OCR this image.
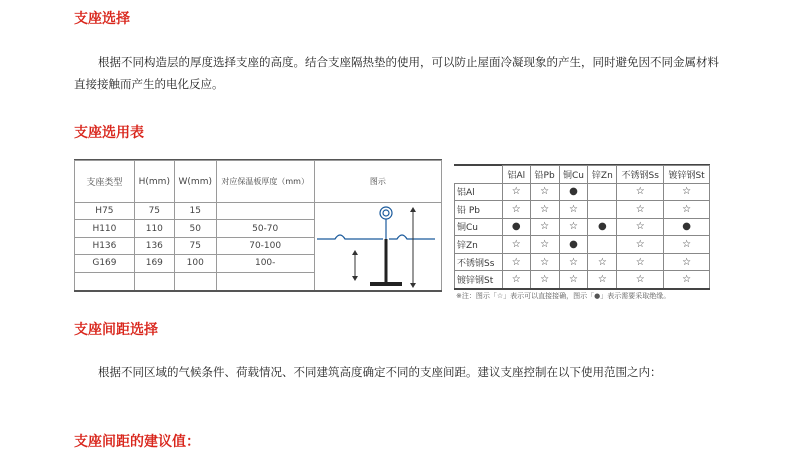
支座选择

根据不同构造层的厚度选择支座的高度。结合支座隔热垫的使用，可以防止屋面冷凝现象的产生，同时避免因不同金属材料直接接触而产生的电化反应。

支座选用表
支座类型	H(mm)	W(mm)	对应保温板厚度（mm）	图示
H75	75	15		

H110	110	50	50-70	
H136	136	75	70-100	
G169	169	100	100-	

	铝Al	铅Pb	铜Cu	锌Zn	不锈钢Ss	镀锌钢St
铝Al	☆	☆	●		☆	☆
铅 Pb	☆	☆	☆		☆	☆
铜Cu	●	☆	☆	●	☆	●
锌Zn	☆	☆	●		☆	☆
不锈钢Ss	☆	☆	☆	☆	☆	☆
镀锌钢St	☆	☆	☆	☆	☆	☆

※注：图示「☆」表示可以直接接确，图示「●」表示需要采取绝缘。

支座间距选择

根据不同区域的气候条件、荷载情况、不同建筑高度确定不同的支座间距。建议支座控制在以下使用范围之内：

支座间距的建议值：
